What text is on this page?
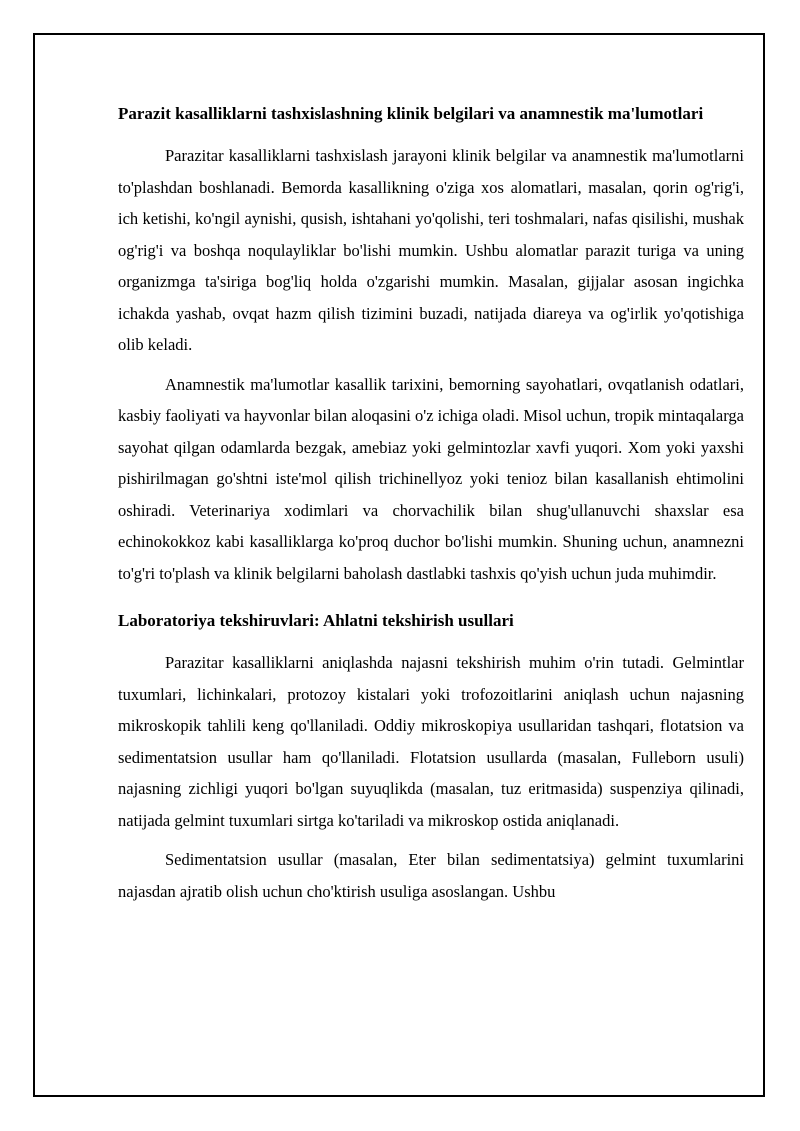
Parazit kasalliklarni tashxislashning klinik belgilari va anamnestik ma'lumotlari

Parazitar kasalliklarni tashxislash jarayoni klinik belgilar va anamnestik ma'lumotlarni to'plashdan boshlanadi. Bemorda kasallikning o'ziga xos alomatlari, masalan, qorin og'rig'i, ich ketishi, ko'ngil aynishi, qusish, ishtahani yo'qolishi, teri toshmalari, nafas qisilishi, mushak og'rig'i va boshqa noqulayliklar bo'lishi mumkin. Ushbu alomatlar parazit turiga va uning organizmga ta'siriga bog'liq holda o'zgarishi mumkin. Masalan, gijjalar asosan ingichka ichakda yashab, ovqat hazm qilish tizimini buzadi, natijada diareya va og'irlik yo'qotishiga olib keladi.

Anamnestik ma'lumotlar kasallik tarixini, bemorning sayohatlari, ovqatlanish odatlari, kasbiy faoliyati va hayvonlar bilan aloqasini o'z ichiga oladi. Misol uchun, tropik mintaqalarga sayohat qilgan odamlarda bezgak, amebiaz yoki gelmintozlar xavfi yuqori. Xom yoki yaxshi pishirilmagan go'shtni iste'mol qilish trichinellyoz yoki tenioz bilan kasallanish ehtimolini oshiradi. Veterinariya xodimlari va chorvachilik bilan shug'ullanuvchi shaxslar esa echinokokkoz kabi kasalliklarga ko'proq duchor bo'lishi mumkin. Shuning uchun, anamnezni to'g'ri to'plash va klinik belgilarni baholash dastlabki tashxis qo'yish uchun juda muhimdir.

Laboratoriya tekshiruvlari: Ahlatni tekshirish usullari

Parazitar kasalliklarni aniqlashda najasni tekshirish muhim o'rin tutadi. Gelmintlar tuxumlari, lichinkalari, protozoy kistalari yoki trofozoitlarini aniqlash uchun najasning mikroskopik tahlili keng qo'llaniladi. Oddiy mikroskopiya usullaridan tashqari, flotatsion va sedimentatsion usullar ham qo'llaniladi. Flotatsion usullarda (masalan, Fulleborn usuli) najasning zichligi yuqori bo'lgan suyuqlikda (masalan, tuz eritmasida) suspenziya qilinadi, natijada gelmint tuxumlari sirtga ko'tariladi va mikroskop ostida aniqlanadi.

Sedimentatsion usullar (masalan, Eter bilan sedimentatsiya) gelmint tuxumlarini najasdan ajratib olish uchun cho'ktirish usuliga asoslangan. Ushbu
